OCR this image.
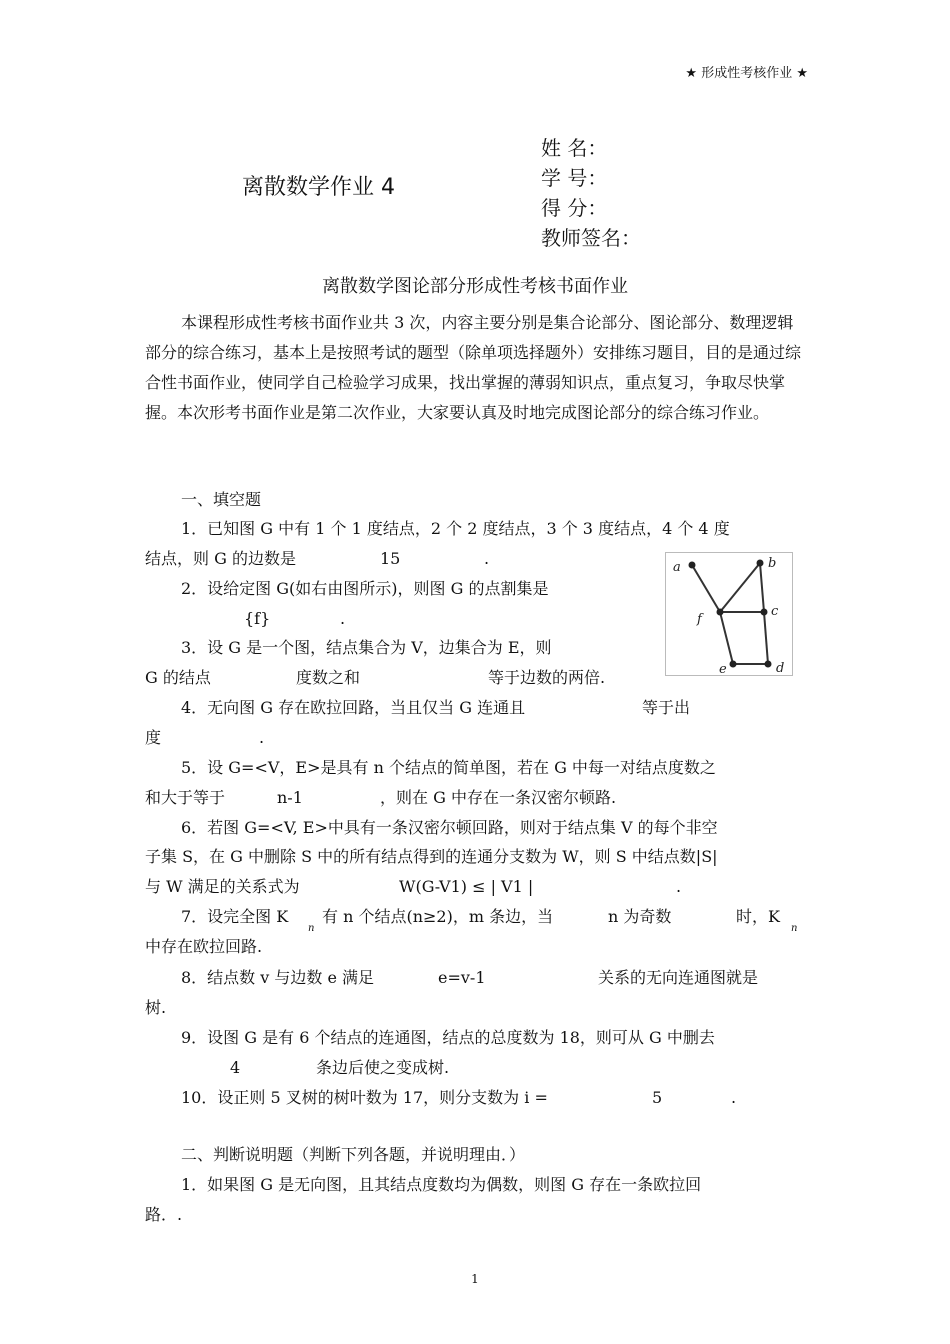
★ 形成性考核作业 ★
离散数学作业 4
姓 名：
学 号：
得 分：
教师签名：
离散数学图论部分形成性考核书面作业
本课程形成性考核书面作业共 3 次，内容主要分别是集合论部分、图论部分、数理逻辑部分的综合练习，基本上是按照考试的题型（除单项选择题外）安排练习题目，目的是通过综合性书面作业，使同学自己检验学习成果，找出掌握的薄弱知识点，重点复习，争取尽快掌握。本次形考书面作业是第二次作业，大家要认真及时地完成图论部分的综合练习作业。
一、填空题
1．已知图 G 中有 1 个 1 度结点，2 个 2 度结点，3 个 3 度结点，4 个 4 度
结点，则 G 的边数是	15	.	a	b
c
f
e	d
2．设给定图 G(如右由图所示)，则图 G 的点割集是
{f}	.
3．设 G 是一个图，结点集合为 V，边集合为 E，则
G 的结点	度数之和	等于边数的两倍.
4．无向图 G 存在欧拉回路，当且仅当 G 连通且	等于出
度	.
5．设 G=<V，E>是具有 n 个结点的简单图，若在 G 中每一对结点度数之
和大于等于	n-1	，则在 G 中存在一条汉密尔顿路.
6．若图 G=<V, E>中具有一条汉密尔顿回路，则对于结点集 V 的每个非空
子集 S，在 G 中删除 S 中的所有结点得到的连通分支数为 W，则 S 中结点数|S|
与 W 满足的关系式为	W(G-V1) ≤ | V1 |	.
7．设完全图 K
n
有 n 个结点(n≥2)，m 条边，当	n 为奇数	时，K
n
中存在欧拉回路.
8．结点数 v 与边数 e 满足	e=v-1	关系的无向连通图就是
树.
9．设图 G 是有 6 个结点的连通图，结点的总度数为 18，则可从 G 中删去
4	条边后使之变成树.
10．设正则 5 叉树的树叶数为 17，则分支数为 i =	5	.
二、判断说明题（判断下列各题，并说明理由．）
1．如果图 G 是无向图，且其结点度数均为偶数，则图 G 存在一条欧拉回
路．.
1
